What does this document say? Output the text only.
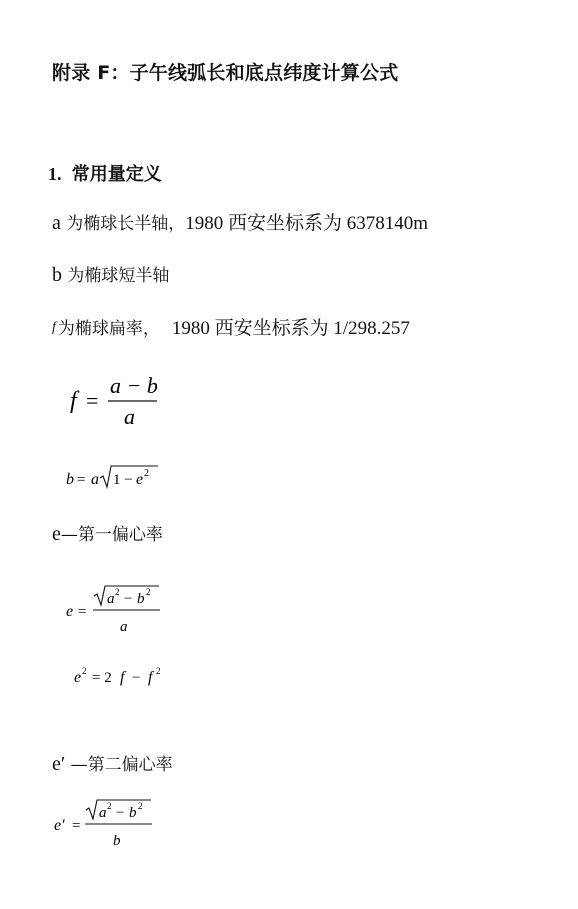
附录 F：子午线弧长和底点纬度计算公式
1. 常用量定义
a 为椭球长半轴，1980 西安坐标系为 6378140m
b 为椭球短半轴
f 为椭球扁率， 1980 西安坐标系为 1/298.257
f =
a − b
a
b = a 1 − e 2
e—第一偏心率
e =
a 2 − b 2
a
e 2 = 2 f − f 2
e′ —第二偏心率
e′ =
a 2 − b 2
b
